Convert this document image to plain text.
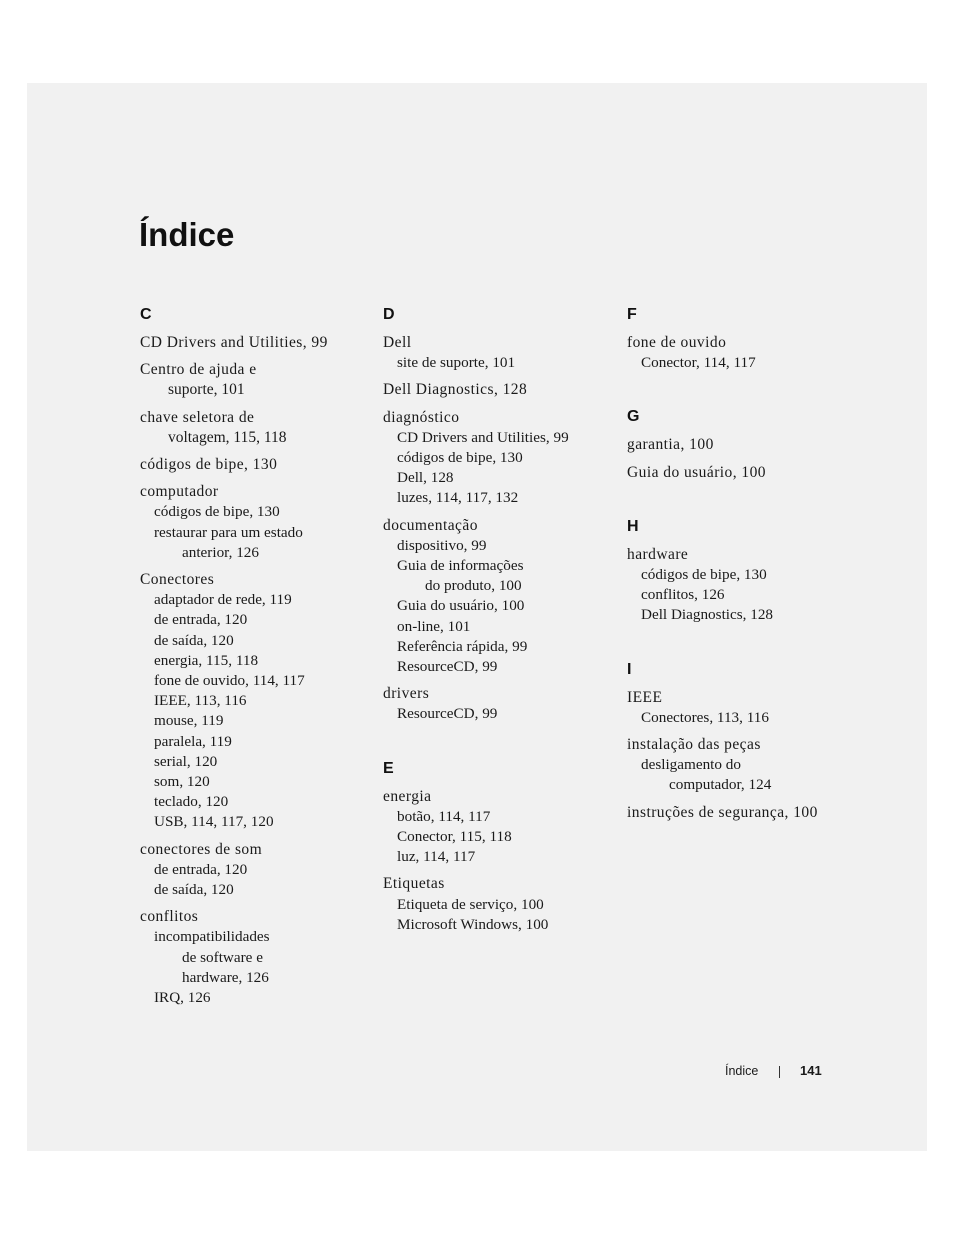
Índice
C
CD Drivers and Utilities, 99
Centro de ajuda e
suporte, 101
chave seletora de
voltagem, 115, 118
códigos de bipe, 130
computador
códigos de bipe, 130
restaurar para um estado
anterior, 126
Conectores
adaptador de rede, 119
de entrada, 120
de saída, 120
energia, 115, 118
fone de ouvido, 114, 117
IEEE, 113, 116
mouse, 119
paralela, 119
serial, 120
som, 120
teclado, 120
USB, 114, 117, 120
conectores de som
de entrada, 120
de saída, 120
conflitos
incompatibilidades
de software e
hardware, 126
IRQ, 126
D
Dell
site de suporte, 101
Dell Diagnostics, 128
diagnóstico
CD Drivers and Utilities, 99
códigos de bipe, 130
Dell, 128
luzes, 114, 117, 132
documentação
dispositivo, 99
Guia de informações
do produto, 100
Guia do usuário, 100
on-line, 101
Referência rápida, 99
ResourceCD, 99
drivers
ResourceCD, 99
E
energia
botão, 114, 117
Conector, 115, 118
luz, 114, 117
Etiquetas
Etiqueta de serviço, 100
Microsoft Windows, 100
F
fone de ouvido
Conector, 114, 117
G
garantia, 100
Guia do usuário, 100
H
hardware
códigos de bipe, 130
conflitos, 126
Dell Diagnostics, 128
I
IEEE
Conectores, 113, 116
instalação das peças
desligamento do
computador, 124
instruções de segurança, 100
Índice	141
